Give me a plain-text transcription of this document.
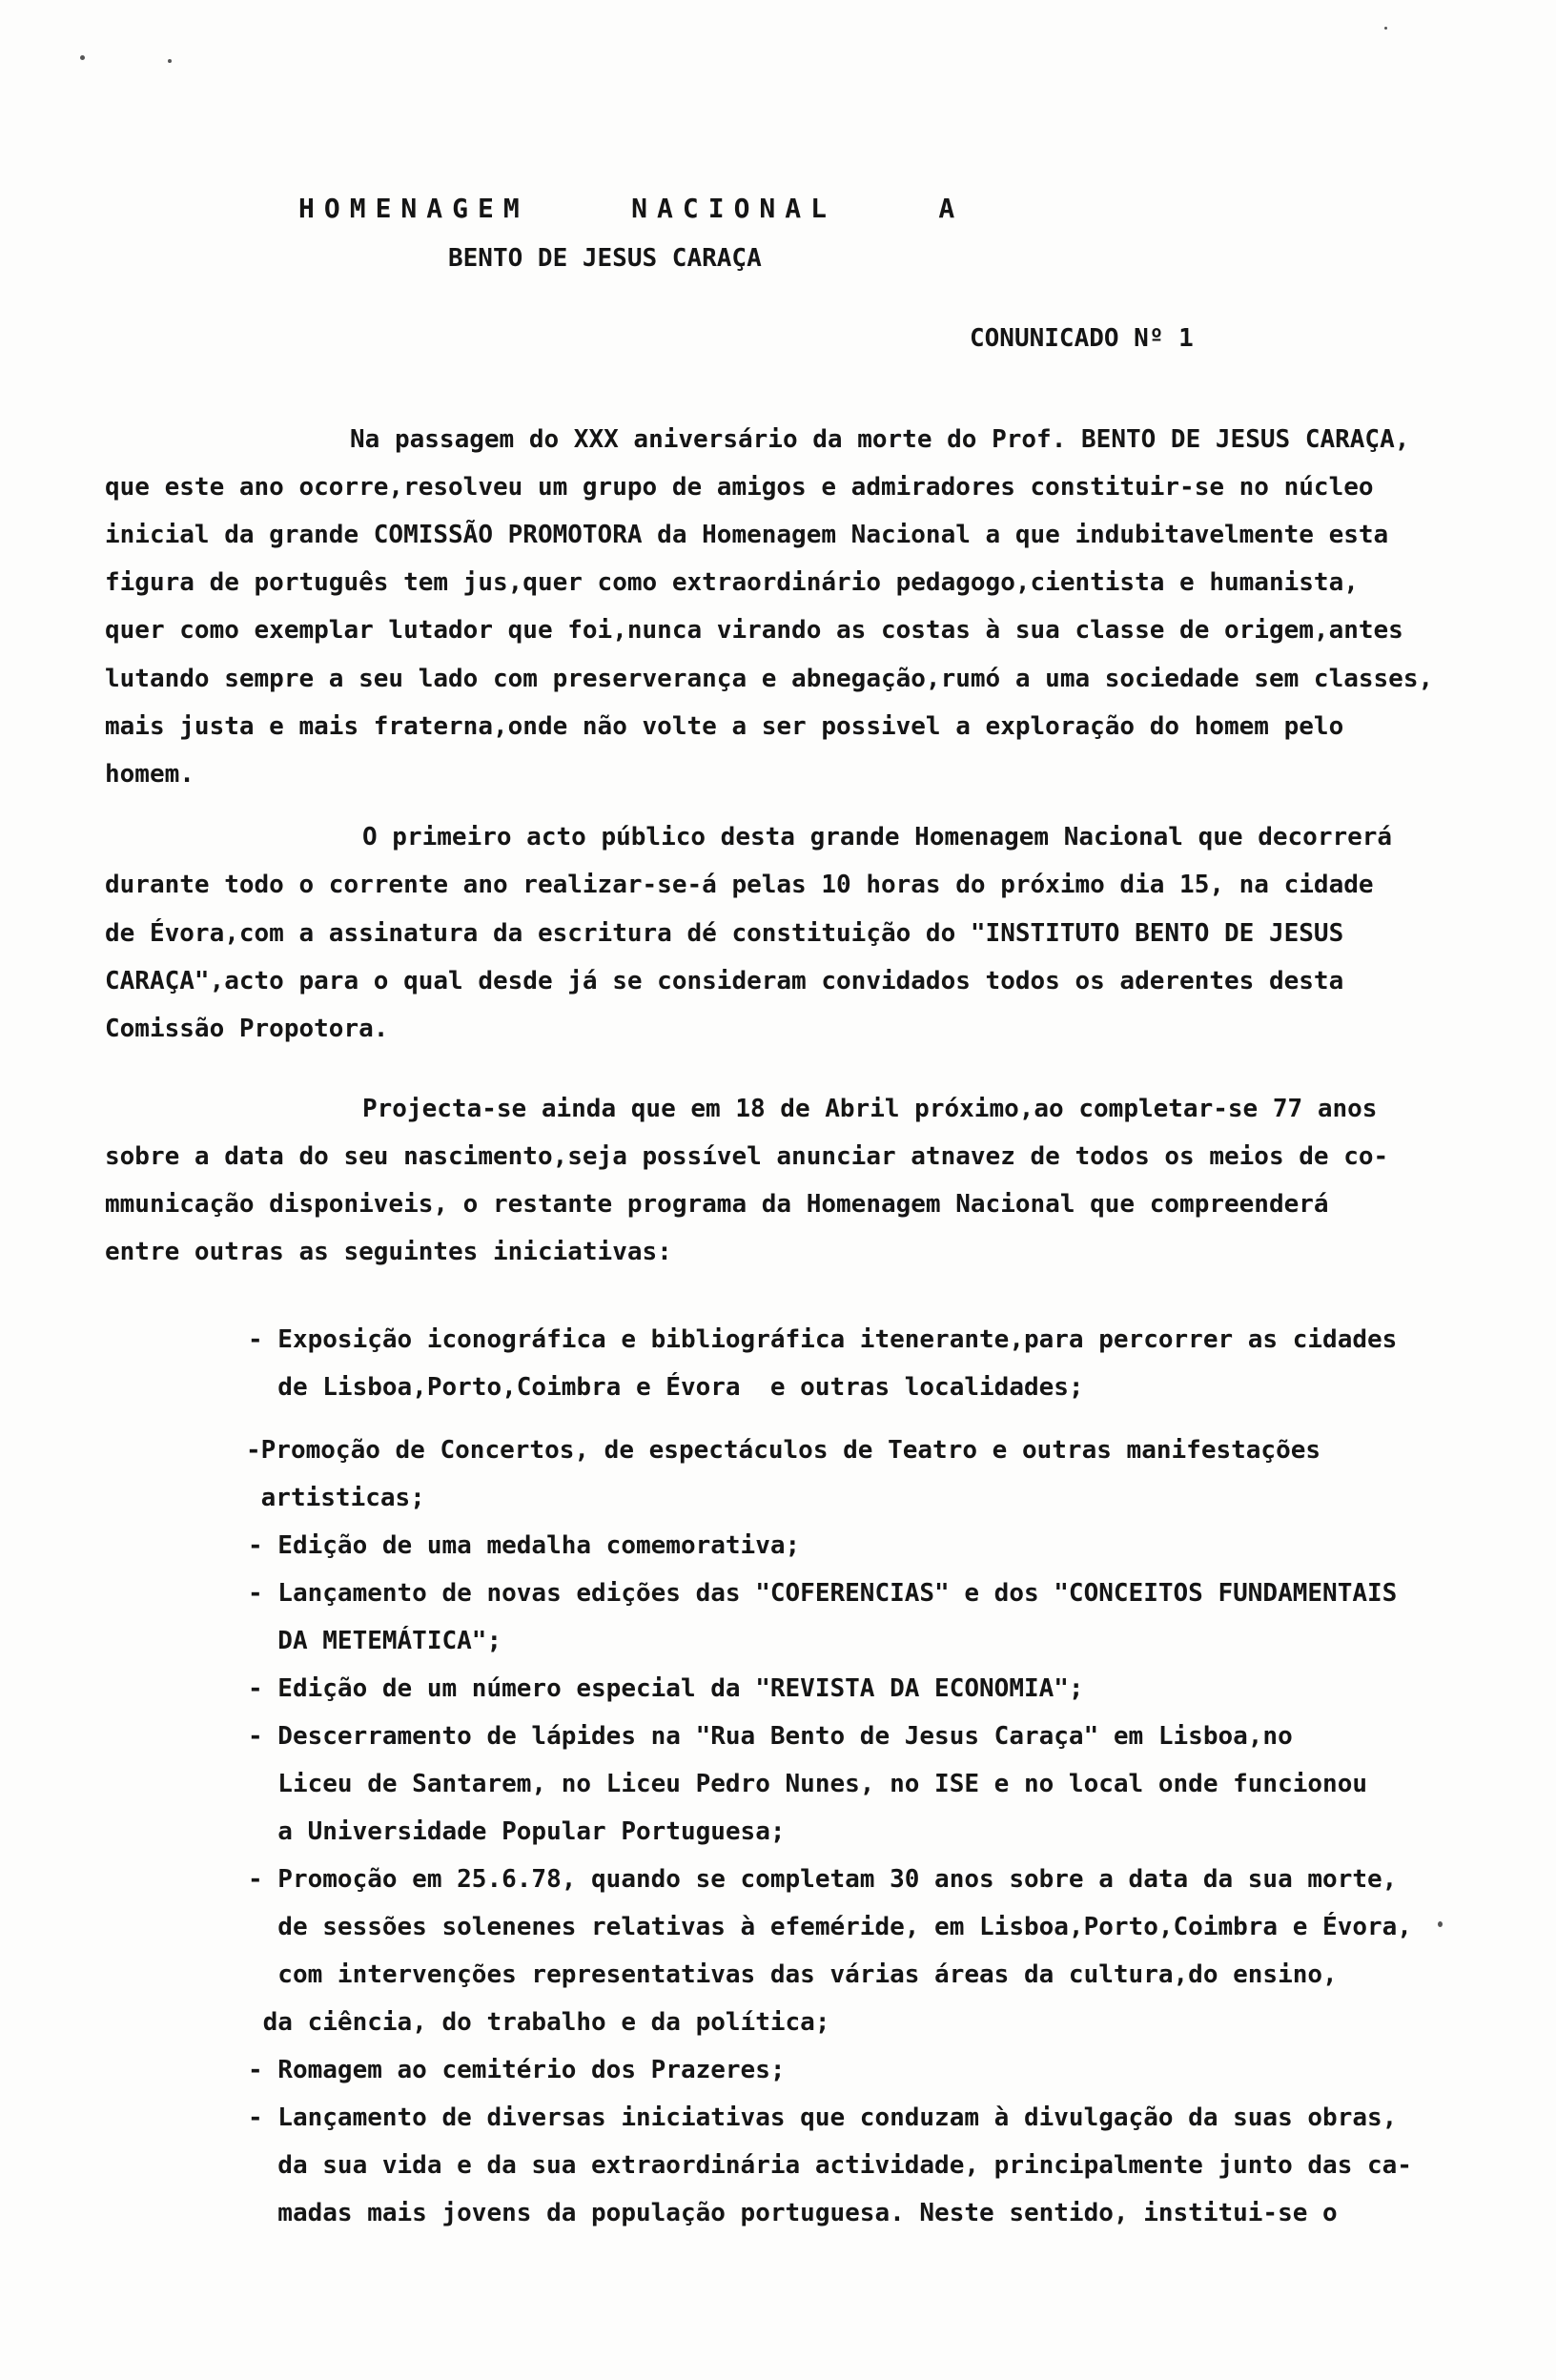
HOMENAGEM    NACIONAL    A
BENTO DE JESUS CARAÇA
CONUNICADO Nº 1
Na passagem do XXX aniversário da morte do Prof. BENTO DE JESUS CARAÇA,
que este ano ocorre,resolveu um grupo de amigos e admiradores constituir-se no núcleo
inicial da grande COMISSÃO PROMOTORA da Homenagem Nacional a que indubitavelmente esta
figura de português tem jus,quer como extraordinário pedagogo,cientista e humanista,
quer como exemplar lutador que foi,nunca virando as costas à sua classe de origem,antes
lutando sempre a seu lado com preserverança e abnegação,rumó a uma sociedade sem classes,
mais justa e mais fraterna,onde não volte a ser possivel a exploração do homem pelo
homem.
O primeiro acto público desta grande Homenagem Nacional que decorrerá
durante todo o corrente ano realizar-se-á pelas 10 horas do próximo dia 15, na cidade
de Évora,com a assinatura da escritura dé constituição do "INSTITUTO BENTO DE JESUS
CARAÇA",acto para o qual desde já se consideram convidados todos os aderentes desta
Comissão Propotora.
Projecta-se ainda que em 18 de Abril próximo,ao completar-se 77 anos
sobre a data do seu nascimento,seja possível anunciar atnavez de todos os meios de co-
mmunicação disponiveis, o restante programa da Homenagem Nacional que compreenderá
entre outras as seguintes iniciativas:
- Exposição iconográfica e bibliográfica itenerante,para percorrer as cidades
de Lisboa,Porto,Coimbra e Évora  e outras localidades;
-Promoção de Concertos, de espectáculos de Teatro e outras manifestações
artisticas;
- Edição de uma medalha comemorativa;
- Lançamento de novas edições das "COFERENCIAS" e dos "CONCEITOS FUNDAMENTAIS
DA METEMÁTICA";
- Edição de um número especial da "REVISTA DA ECONOMIA";
- Descerramento de lápides na "Rua Bento de Jesus Caraça" em Lisboa,no
Liceu de Santarem, no Liceu Pedro Nunes, no ISE e no local onde funcionou
a Universidade Popular Portuguesa;
- Promoção em 25.6.78, quando se completam 30 anos sobre a data da sua morte,
de sessões solenenes relativas à efeméride, em Lisboa,Porto,Coimbra e Évora,
com intervenções representativas das várias áreas da cultura,do ensino,
da ciência, do trabalho e da política;
- Romagem ao cemitério dos Prazeres;
- Lançamento de diversas iniciativas que conduzam à divulgação da suas obras,
da sua vida e da sua extraordinária actividade, principalmente junto das ca-
madas mais jovens da população portuguesa. Neste sentido, institui-se o
